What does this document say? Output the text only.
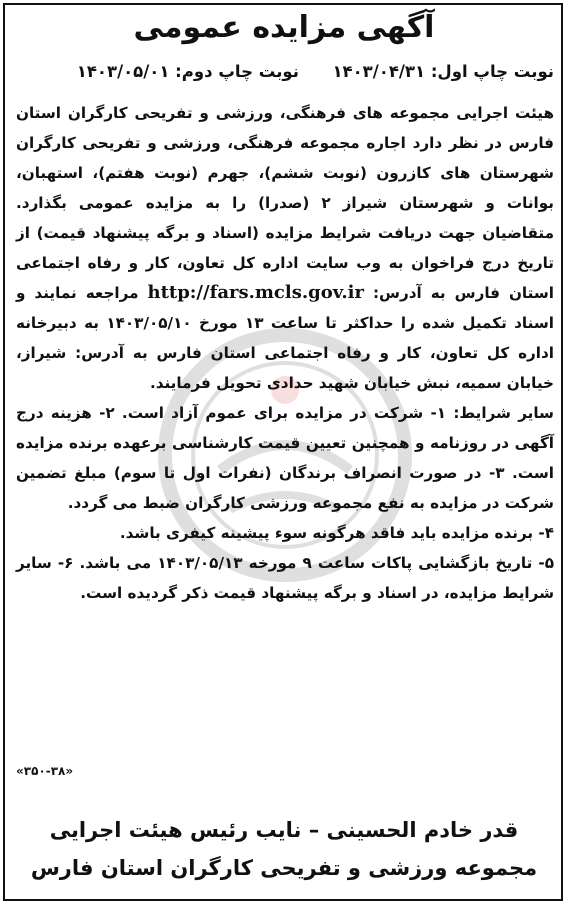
آگهی مزایده عمومی
نوبت چاپ اول: ۱۴۰۳/۰۴/۳۱  نوبت چاپ دوم: ۱۴۰۳/۰۵/۰۱

هیئت اجرایی مجموعه های فرهنگی، ورزشی و تفریحی کارگران استان فارس در نظر دارد اجاره مجموعه فرهنگی، ورزشی و تفریحی کارگران شهرستان های کازرون (نوبت ششم)، جهرم (نوبت هفتم)، استهبان، بوانات و شهرستان شیراز ۲ (صدرا) را به مزایده عمومی بگذارد. متقاضیان جهت دریافت شرایط مزایده (اسناد و برگه پیشنهاد قیمت) از تاریخ درج فراخوان به وب سایت اداره کل تعاون، کار و رفاه اجتماعی استان فارس به آدرس: http://fars.mcls.gov.ir مراجعه نمایند و اسناد تکمیل شده را حداکثر تا ساعت ۱۳ مورخ ۱۴۰۳/۰۵/۱۰ به دبیرخانه اداره کل تعاون، کار و رفاه اجتماعی استان فارس به آدرس: شیراز، خیابان سمیه، نبش خیابان شهید حدادی تحویل فرمایند.

سایر شرایط: ۱- شرکت در مزایده برای عموم آزاد است. ۲- هزینه درج آگهی در روزنامه و همچنین تعیین قیمت کارشناسی برعهده برنده مزایده است. ۳- در صورت انصراف برندگان (نفرات اول تا سوم) مبلغ تضمین شرکت در مزایده به نفع مجموعه ورزشی کارگران ضبط می گردد.

۴- برنده مزایده باید فاقد هرگونه سوء پیشینه کیفری باشد.

۵- تاریخ بازگشایی پاکات ساعت ۹ مورخه ۱۴۰۳/۰۵/۱۳ می باشد. ۶- سایر شرایط مزایده، در اسناد و برگه پیشنهاد قیمت ذکر گردیده است.

«۳۵۰-۳۸»
قدر خادم الحسینی – نایب رئیس هیئت اجرایی
مجموعه ورزشی و تفریحی کارگران استان فارس
